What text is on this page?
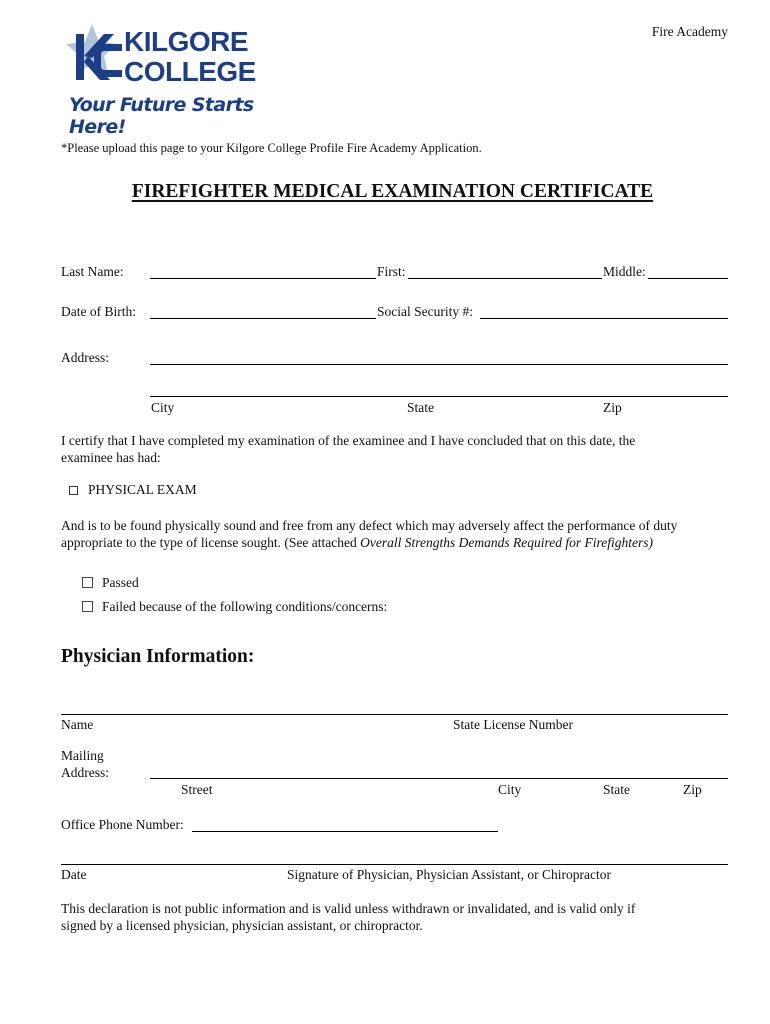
KILGORE
COLLEGE
Your Future Starts Here!
Fire Academy
*Please upload this page to your Kilgore College Profile Fire Academy Application.
FIREFIGHTER MEDICAL EXAMINATION CERTIFICATE
Last Name:	First:	Middle:
Date of Birth:	Social Security #:
Address:
City	State	Zip
I certify that I have completed my examination of the examinee and I have concluded that on this date, the
examinee has had:
PHYSICAL EXAM
And is to be found physically sound and free from any defect which may adversely affect the performance of duty
appropriate to the type of license sought. (See attached Overall Strengths Demands Required for Firefighters)
Passed
Failed because of the following conditions/concerns:
Physician Information:
Name	State License Number
Mailing
Address:
Street	City	State	Zip
Office Phone Number:
Date	Signature of Physician, Physician Assistant, or Chiropractor
This declaration is not public information and is valid unless withdrawn or invalidated, and is valid only if
signed by a licensed physician, physician assistant, or chiropractor.
